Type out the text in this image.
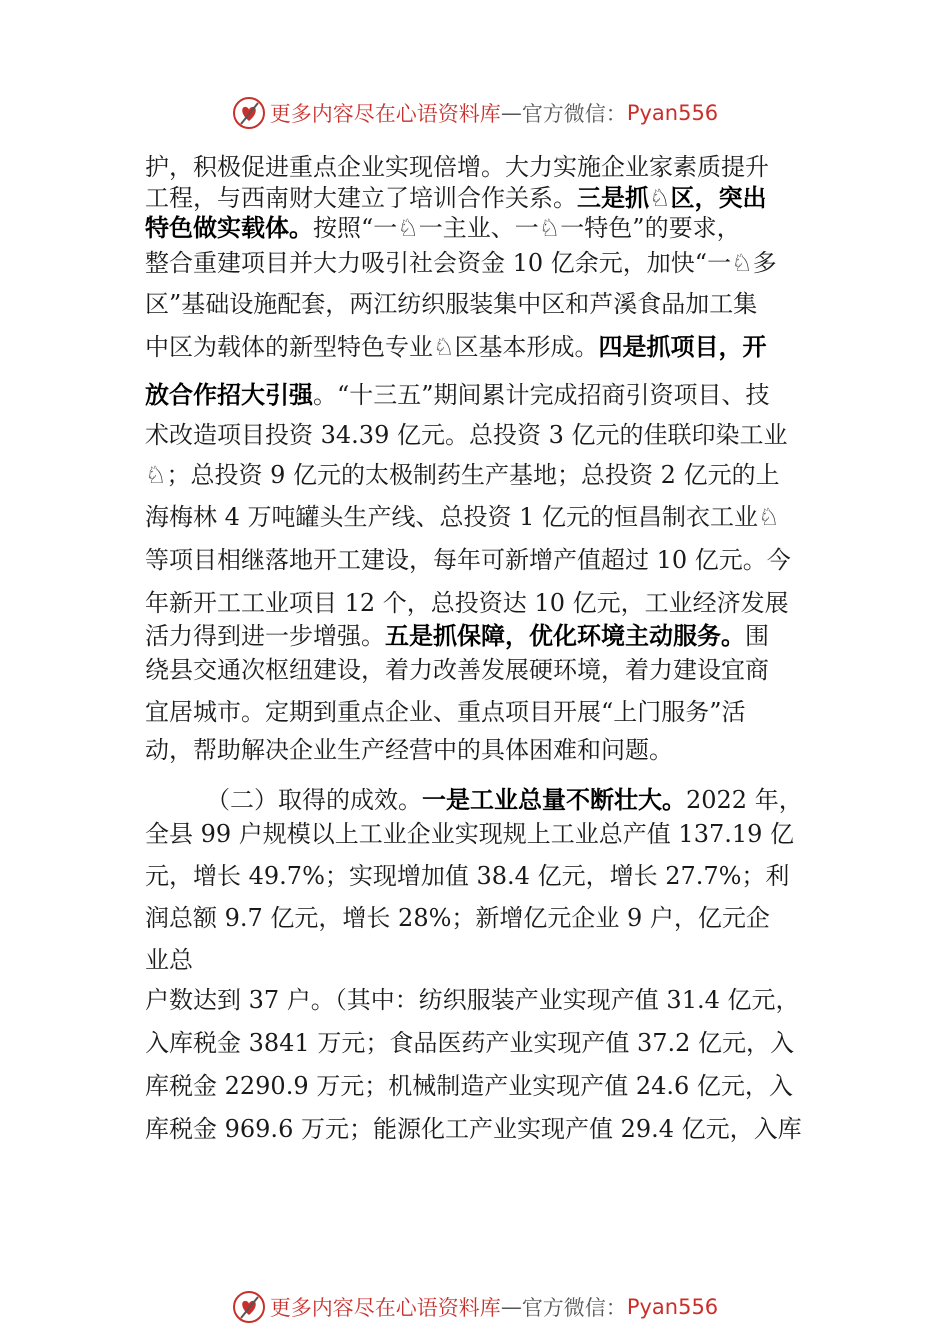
更多内容尽在心语资料库 — 官方微信： Pyan556
护，积极促进重点企业实现倍增。大力实施企业家素质提升
工程，与西南财大建立了培训合作关系。三是抓♘区，突出
特色做实载体。按照“一♘一主业、一♘一特色”的要求，
整合重建项目并大力吸引社会资金 10 亿余元，加快“一♘多
区”基础设施配套，两江纺织服装集中区和芦溪食品加工集
中区为载体的新型特色专业♘区基本形成。四是抓项目，开
放合作招大引强。“十三五”期间累计完成招商引资项目、技
术改造项目投资 34.39 亿元。总投资 3 亿元的佳联印染工业
♘；总投资 9 亿元的太极制药生产基地；总投资 2 亿元的上
海梅林 4 万吨罐头生产线、总投资 1 亿元的恒昌制衣工业♘
等项目相继落地开工建设，每年可新增产值超过 10 亿元。今
年新开工工业项目 12 个，总投资达 10 亿元，工业经济发展
活力得到进一步增强。五是抓保障，优化环境主动服务。围
绕县交通次枢纽建设，着力改善发展硬环境，着力建设宜商
宜居城市。定期到重点企业、重点项目开展“上门服务”活
动，帮助解决企业生产经营中的具体困难和问题。
（二）取得的成效。一是工业总量不断壮大。2022 年，
全县 99 户规模以上工业企业实现规上工业总产值 137.19 亿
元，增长 49.7%；实现增加值 38.4 亿元，增长 27.7%；利
润总额 9.7 亿元，增长 28%；新增亿元企业 9 户，亿元企
业总
户数达到 37 户。（其中：纺织服装产业实现产值 31.4 亿元，
入库税金 3841 万元；食品医药产业实现产值 37.2 亿元，入
库税金 2290.9 万元；机械制造产业实现产值 24.6 亿元，入
库税金 969.6 万元；能源化工产业实现产值 29.4 亿元，入库
更多内容尽在心语资料库 — 官方微信： Pyan556
